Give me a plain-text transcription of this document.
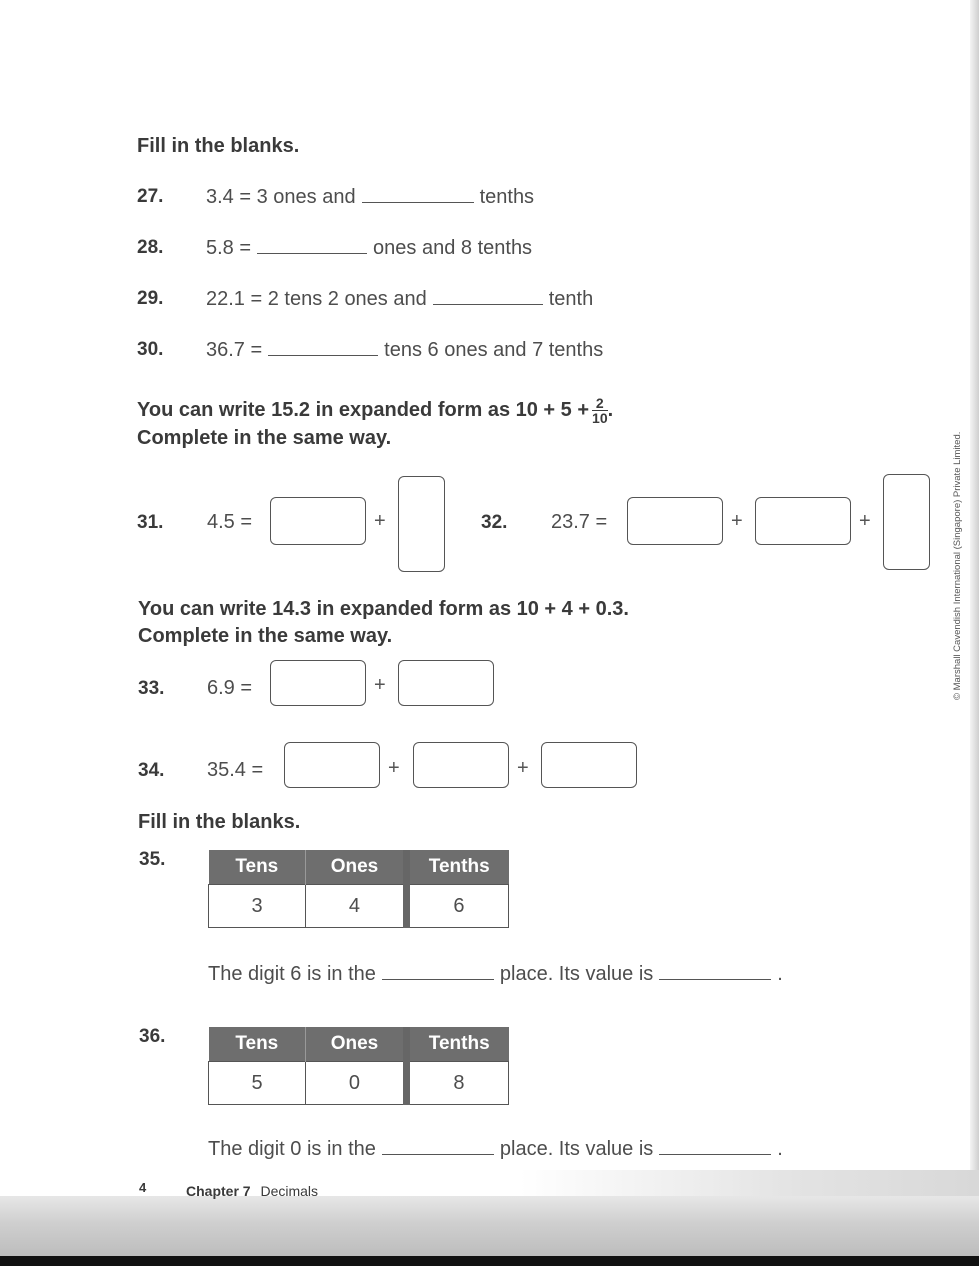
Fill in the blanks.
27. 3.4 = 3 ones and	tenths
28. 5.8 =	ones and 8 tenths
29. 22.1 = 2 tens 2 ones and	tenth
30. 36.7 =	tens 6 ones and 7 tenths
You can write 15.2 in expanded form as $10 + 5 + \frac{2}{10}$ .
Complete in the same way.
31. 4.5 =	+	32. 23.7 =	+	+
You can write 14.3 in expanded form as 10 + 4 + 0.3.
Complete in the same way.
33. 6.9 =	+
34. 35.4 =	+	+
Fill in the blanks.
35.	Tens	Ones	Tenths
3	4	6
The digit 6 is in the	place. Its value is	.
36.	Tens	Ones	Tenths
5	0	8
The digit 0 is in the	place. Its value is	.
4	Chapter 7 Decimals
© Marshall Cavendish International (Singapore) Private Limited.
